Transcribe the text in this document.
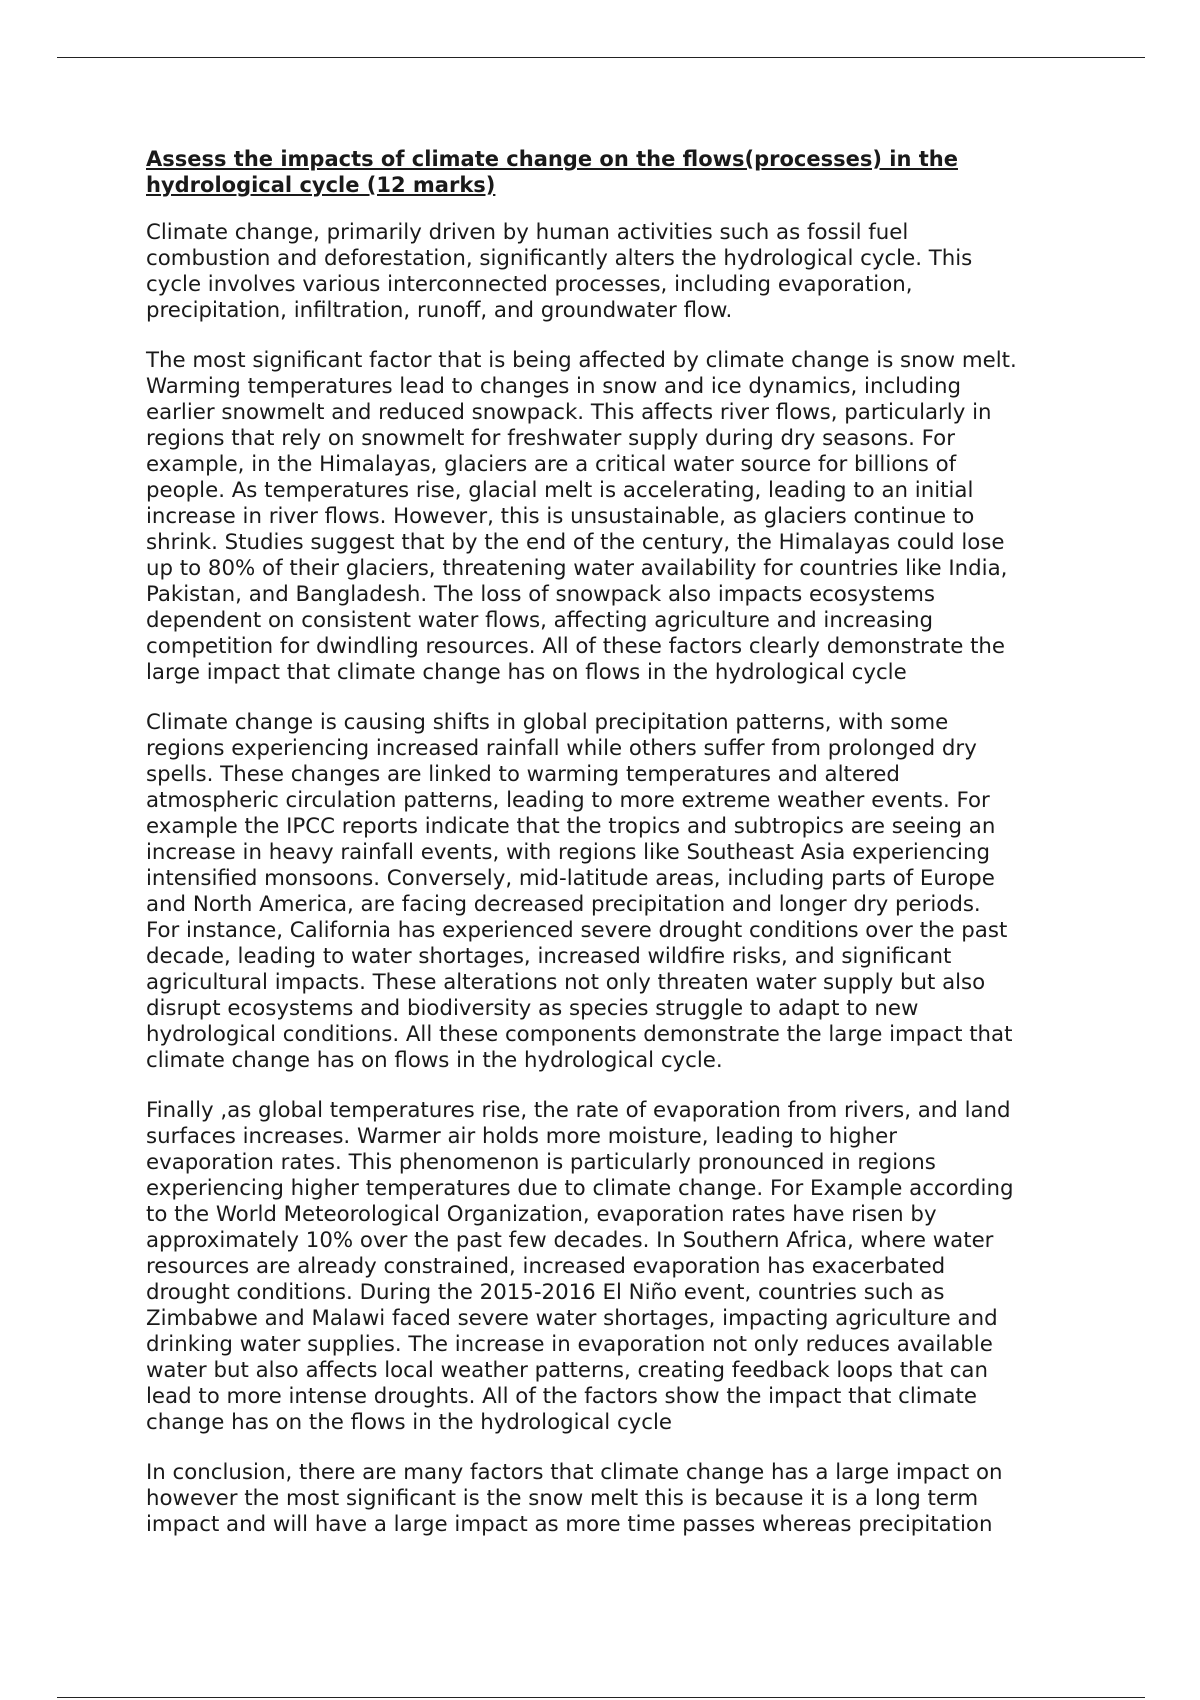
Assess the impacts of climate change on the flows(processes) in the
hydrological cycle (12 marks)
Climate change, primarily driven by human activities such as fossil fuel
combustion and deforestation, significantly alters the hydrological cycle. This
cycle involves various interconnected processes, including evaporation,
precipitation, infiltration, runoff, and groundwater flow.
The most significant factor that is being affected by climate change is snow melt.
Warming temperatures lead to changes in snow and ice dynamics, including
earlier snowmelt and reduced snowpack. This affects river flows, particularly in
regions that rely on snowmelt for freshwater supply during dry seasons. For
example, in the Himalayas, glaciers are a critical water source for billions of
people. As temperatures rise, glacial melt is accelerating, leading to an initial
increase in river flows. However, this is unsustainable, as glaciers continue to
shrink. Studies suggest that by the end of the century, the Himalayas could lose
up to 80% of their glaciers, threatening water availability for countries like India,
Pakistan, and Bangladesh. The loss of snowpack also impacts ecosystems
dependent on consistent water flows, affecting agriculture and increasing
competition for dwindling resources. All of these factors clearly demonstrate the
large impact that climate change has on flows in the hydrological cycle
Climate change is causing shifts in global precipitation patterns, with some
regions experiencing increased rainfall while others suffer from prolonged dry
spells. These changes are linked to warming temperatures and altered
atmospheric circulation patterns, leading to more extreme weather events. For
example the IPCC reports indicate that the tropics and subtropics are seeing an
increase in heavy rainfall events, with regions like Southeast Asia experiencing
intensified monsoons. Conversely, mid-latitude areas, including parts of Europe
and North America, are facing decreased precipitation and longer dry periods.
For instance, California has experienced severe drought conditions over the past
decade, leading to water shortages, increased wildfire risks, and significant
agricultural impacts. These alterations not only threaten water supply but also
disrupt ecosystems and biodiversity as species struggle to adapt to new
hydrological conditions. All these components demonstrate the large impact that
climate change has on flows in the hydrological cycle.
Finally ,as global temperatures rise, the rate of evaporation from rivers, and land
surfaces increases. Warmer air holds more moisture, leading to higher
evaporation rates. This phenomenon is particularly pronounced in regions
experiencing higher temperatures due to climate change. For Example according
to the World Meteorological Organization, evaporation rates have risen by
approximately 10% over the past few decades. In Southern Africa, where water
resources are already constrained, increased evaporation has exacerbated
drought conditions. During the 2015-2016 El Niño event, countries such as
Zimbabwe and Malawi faced severe water shortages, impacting agriculture and
drinking water supplies. The increase in evaporation not only reduces available
water but also affects local weather patterns, creating feedback loops that can
lead to more intense droughts. All of the factors show the impact that climate
change has on the flows in the hydrological cycle
In conclusion, there are many factors that climate change has a large impact on
however the most significant is the snow melt this is because it is a long term
impact and will have a large impact as more time passes whereas precipitation
